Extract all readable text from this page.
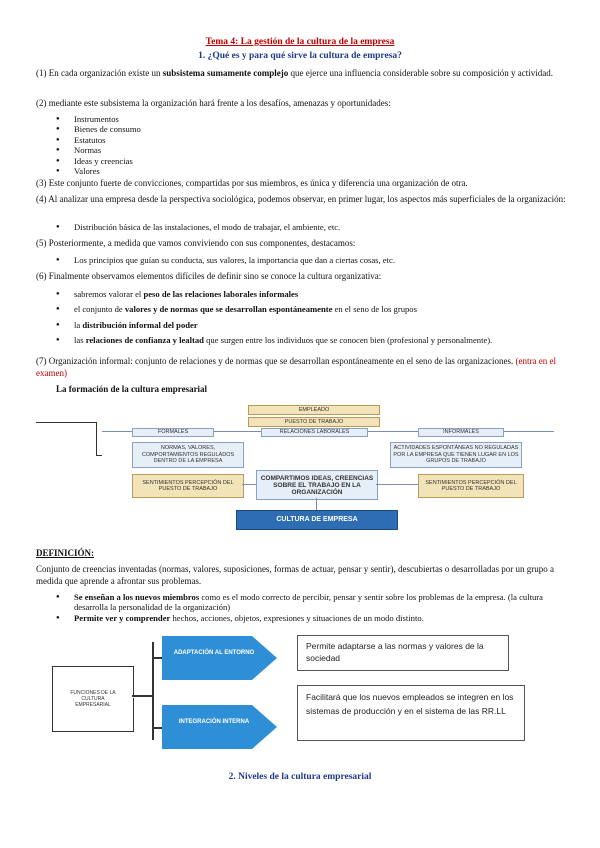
Tema 4: La gestión de la cultura de la empresa
1. ¿Qué es y para qué sirve la cultura de empresa?
(1) En cada organización existe un subsistema sumamente complejo que ejerce una influencia considerable sobre su composición y actividad.
(2) mediante este subsistema la organización hará frente a los desafíos, amenazas y oportunidades:
● Instrumentos
● Bienes de consumo
● Estatutos
● Normas
● Ideas y creencias
● Valores
(3) Este conjunto fuerte de convicciones, compartidas por sus miembros, es única y diferencia una organización de otra.
(4) Al analizar una empresa desde la perspectiva sociológica, podemos observar, en primer lugar, los aspectos más superficiales de la organización:
● Distribución básica de las instalaciones, el modo de trabajar, el ambiente, etc.
(5) Posteriormente, a medida que vamos conviviendo con sus componentes, destacamos:
● Los principios que guían su conducta, sus valores, la importancia que dan a ciertas cosas, etc.
(6) Finalmente observamos elementos difíciles de definir sino se conoce la cultura organizativa:
● sabremos valorar el peso de las relaciones laborales informales
● el conjunto de valores y de normas que se desarrollan espontáneamente en el seno de los grupos
● la distribución informal del poder
● las relaciones de confianza y lealtad que surgen entre los individuos que se conocen bien (profesional y personalmente).
(7) Organización informal: conjunto de relaciones y de normas que se desarrollan espontáneamente en el seno de las organizaciones. (entra en el examen)
La formación de la cultura empresarial
EMPLEADO
PUESTO DE TRABAJO
FORMALES	RELACIONES LABORALES	INFORMALES
NORMAS, VALORES, COMPORTAMIENTOS REGULADOS DENTRO DE LA EMPRESA
ACTIVIDADES ESPONTÁNEAS NO REGULADAS POR LA EMPRESA QUE TIENEN LUGAR EN LOS GRUPOS DE TRABAJO
SENTIMIENTOS PERCEPCIÓN DEL PUESTO DE TRABAJO
COMPARTIMOS IDEAS, CREENCIAS SOBRE EL TRABAJO EN LA ORGANIZACIÓN
SENTIMIENTOS PERCEPCIÓN DEL PUESTO DE TRABAJO
CULTURA DE EMPRESA
DEFINICIÓN:
Conjunto de creencias inventadas (normas, valores, suposiciones, formas de actuar, pensar y sentir), descubiertas o desarrolladas por un grupo a medida que aprende a afrontar sus problemas.
● Se enseñan a los nuevos miembros como es el modo correcto de percibir, pensar y sentir sobre los problemas de la empresa. (la cultura desarrolla la personalidad de la organización)
● Permite ver y comprender hechos, acciones, objetos, expresiones y situaciones de un modo distinto.
FUNCIONES DE LA CULTURA EMPRESARIAL
ADAPTACIÓN AL ENTORNO
INTEGRACIÓN INTERNA
Permite adaptarse a las normas y valores de la sociedad
Facilitará que los nuevos empleados se integren en los sistemas de producción y en el sistema de las RR.LL
2. Niveles de la cultura empresarial
